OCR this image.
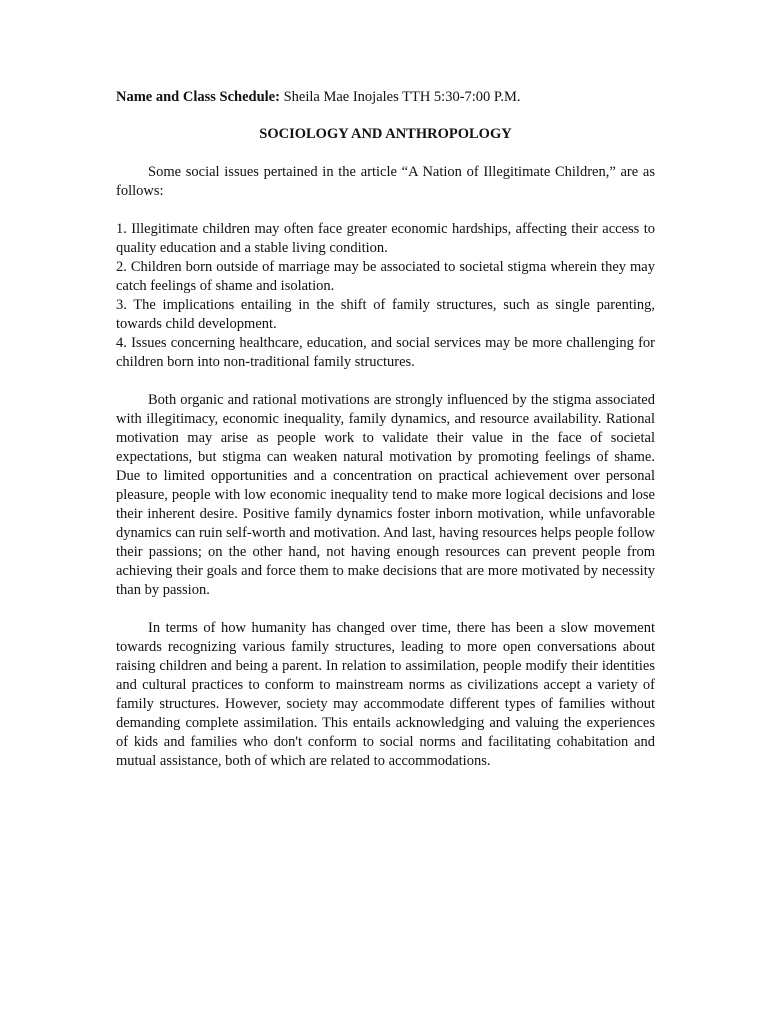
Name and Class Schedule: Sheila Mae Inojales TTH 5:30-7:00 P.M.

SOCIOLOGY AND ANTHROPOLOGY

Some social issues pertained in the article “A Nation of Illegitimate Children,” are as follows:

1. Illegitimate children may often face greater economic hardships, affecting their access to quality education and a stable living condition.

2. Children born outside of marriage may be associated to societal stigma wherein they may catch feelings of shame and isolation.

3. The implications entailing in the shift of family structures, such as single parenting, towards child development.

4. Issues concerning healthcare, education, and social services may be more challenging for children born into non-traditional family structures.

Both organic and rational motivations are strongly influenced by the stigma associated with illegitimacy, economic inequality, family dynamics, and resource availability. Rational motivation may arise as people work to validate their value in the face of societal expectations, but stigma can weaken natural motivation by promoting feelings of shame. Due to limited opportunities and a concentration on practical achievement over personal pleasure, people with low economic inequality tend to make more logical decisions and lose their inherent desire. Positive family dynamics foster inborn motivation, while unfavorable dynamics can ruin self-worth and motivation. And last, having resources helps people follow their passions; on the other hand, not having enough resources can prevent people from achieving their goals and force them to make decisions that are more motivated by necessity than by passion.

In terms of how humanity has changed over time, there has been a slow movement towards recognizing various family structures, leading to more open conversations about raising children and being a parent. In relation to assimilation, people modify their identities and cultural practices to conform to mainstream norms as civilizations accept a variety of family structures. However, society may accommodate different types of families without demanding complete assimilation. This entails acknowledging and valuing the experiences of kids and families who don't conform to social norms and facilitating cohabitation and mutual assistance, both of which are related to accommodations.
